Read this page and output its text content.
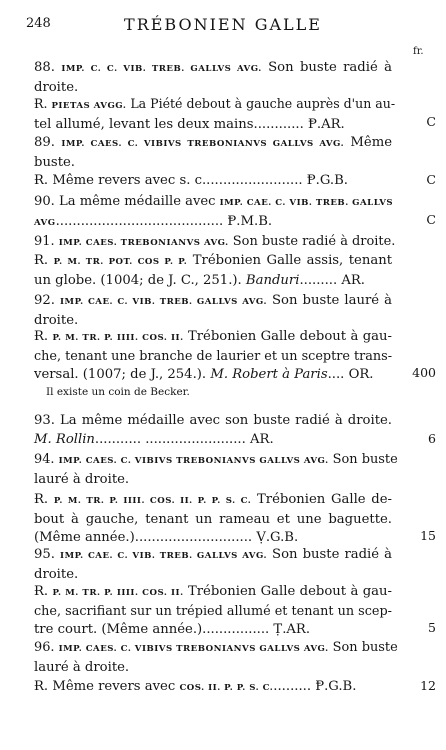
248	TRÉBONIEN GALLE
fr.
88. IMP. C. C. VIB. TREB. GALLVS AVG. Son buste radié à
droite.
Ɍ. PIETAS AVGG. La Piété debout à gauche auprès d'un au-
tel allumé, levant les deux mains............ Ᵽ.AR.	C
89. IMP. CAES. C. VIBIVS TREBONIANVS GALLVS AVG. Même
buste.
Ɍ. Même revers avec s. c........................ Ᵽ.G.B.	C
90. La même médaille avec IMP. CAE. C. VIB. TREB. GALLVS
AVG........................................ Ᵽ.M.B.	C
91. IMP. CAES. TREBONIANVS AVG. Son buste radié à droite.
Ɍ. P. M. TR. POT. COS P. P. Trébonien Galle assis, tenant
un globe. (1004; de J. C., 251.). Banduri......... AR.
92. IMP. CAE. C. VIB. TREB. GALLVS AVG. Son buste lauré à
droite.
Ɍ. P. M. TR. P. IIII. COS. II. Trébonien Galle debout à gau-
che, tenant une branche de laurier et un sceptre trans-
versal. (1007; de J., 254.). M. Robert à Paris.... OR.	400
Il existe un coin de Becker.
93. La même médaille avec son buste radié à droite.
M. Rollin........... ........................ AR.	6
94. IMP. CAES. C. VIBIVS TREBONIANVS GALLVS AVG. Son buste
lauré à droite.
Ɍ. P. M. TR. P. IIII. COS. II. P. P. S. C. Trébonien Galle de-
bout à gauche, tenant un rameau et une baguette.
(Même année.)............................ Ṿ.G.B.	15
95. IMP. CAE. C. VIB. TREB. GALLVS AVG. Son buste radié à
droite.
Ɍ. P. M. TR. P. IIII. COS. II. Trébonien Galle debout à gau-
che, sacrifiant sur un trépied allumé et tenant un scep-
tre court. (Même année.)................ Ṭ.AR.	5
96. IMP. CAES. C. VIBIVS TREBONIANVS GALLVS AVG. Son buste
lauré à droite.
Ɍ. Même revers avec COS. II. P. P. S. C.......... Ᵽ.G.B.	12
